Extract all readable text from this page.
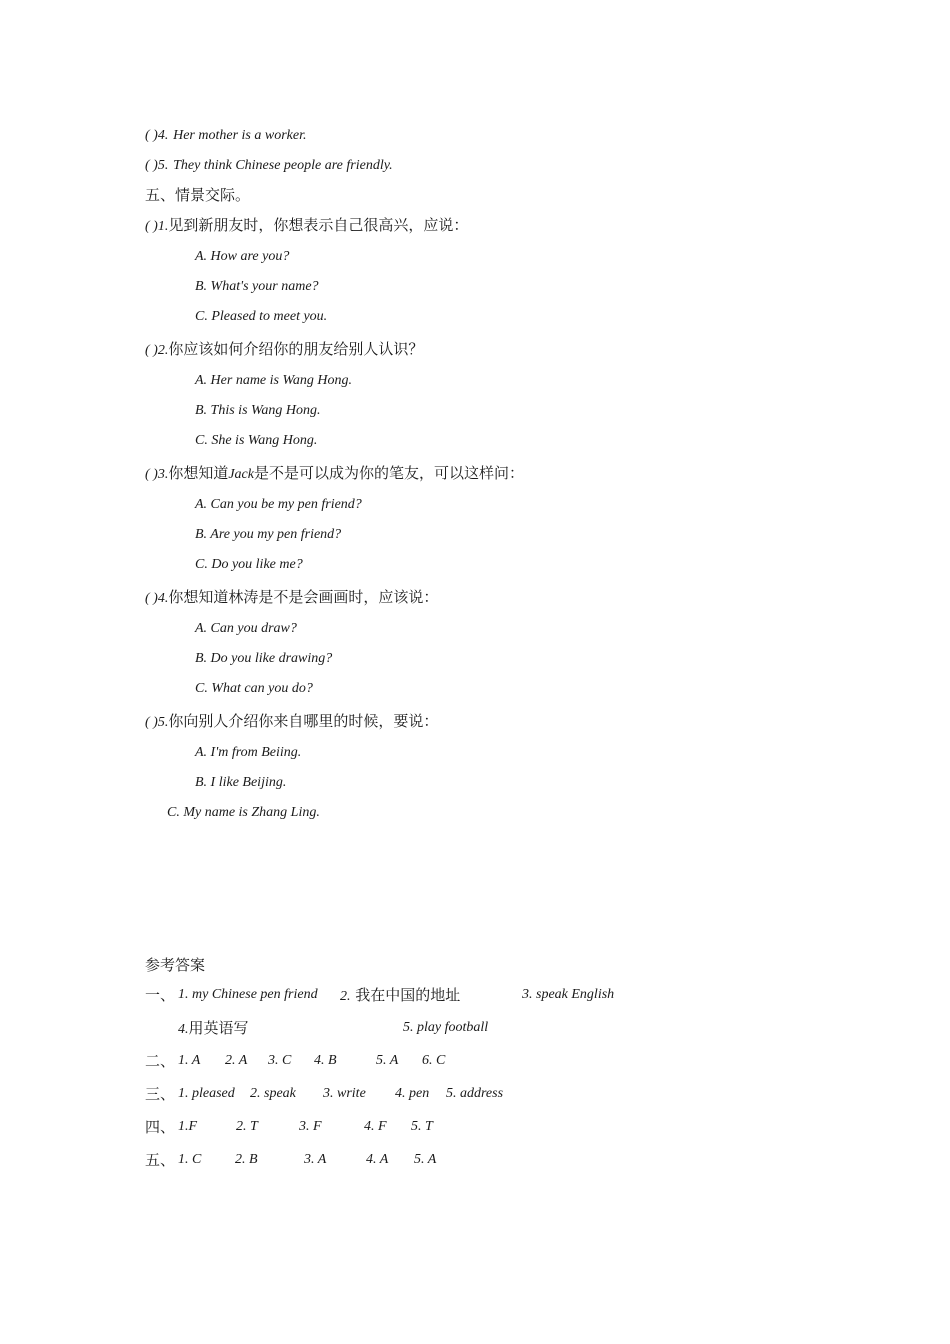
( )4. Her mother is a worker.
( )5. They think Chinese people are friendly.
五、情景交际。
( )1.见到新朋友时，你想表示自己很高兴，应说：
A. How are you?
B. What's your name?
C. Pleased to meet you.
( )2.你应该如何介绍你的朋友给别人认识？
A. Her name is Wang Hong.
B. This is Wang Hong.
C. She is Wang Hong.
( )3.你想知道Jack是不是可以成为你的笔友，可以这样问：
A. Can you be my pen friend?
B. Are you my pen friend?
C. Do you like me?
( )4.你想知道林涛是不是会画画时，应该说：
A. Can you draw?
B. Do you like drawing?
C. What can you do?
( )5.你向别人介绍你来自哪里的时候，要说：
A. I'm from Beiing.
B. I like Beijing.
C. My name is Zhang Ling.
参考答案
一、 1. my Chinese pen friend 2. 我在中国的地址	3. speak English
4.用英语写	5. play football
二、 1. A 2. A 3. C 4. B	5. A 6. C
三、 1. pleased 2. speak 3. write 4. pen 5. address
四、 1.F	2. T	3. F	4. F 5. T
五、 1. C 2. B	3. A	4. A 5. A
